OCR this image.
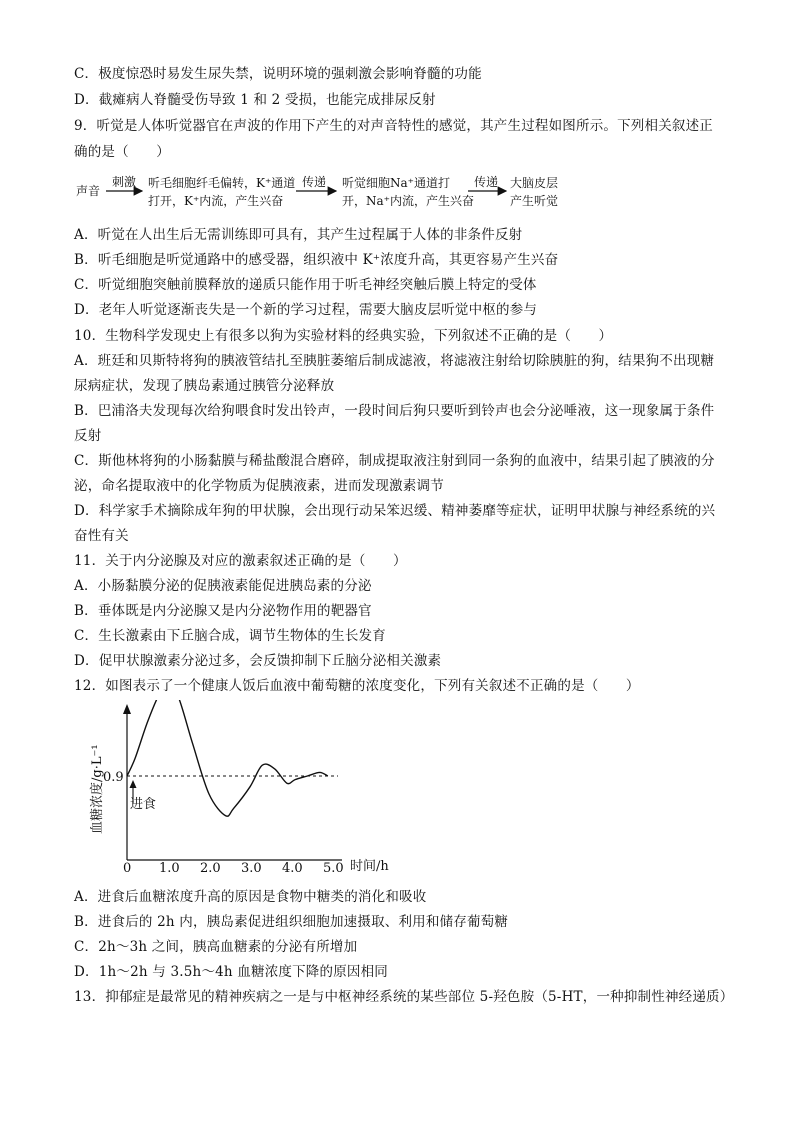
C．极度惊恐时易发生尿失禁，说明环境的强刺激会影响脊髓的功能
D．截瘫病人脊髓受伤导致 1 和 2 受损，也能完成排尿反射
9．听觉是人体听觉器官在声波的作用下产生的对声音特性的感觉，其产生过程如图所示。下列相关叙述正
确的是（　　）
声音
刺激 听毛细胞纤毛偏转，K⁺通道
打开，K⁺内流，产生兴奋
传递 听觉细胞Na⁺通道打
开，Na⁺内流，产生兴奋
传递 大脑皮层
产生听觉
A．听觉在人出生后无需训练即可具有，其产生过程属于人体的非条件反射
B．听毛细胞是听觉通路中的感受器，组织液中 K⁺浓度升高，其更容易产生兴奋
C．听觉细胞突触前膜释放的递质只能作用于听毛神经突触后膜上特定的受体
D．老年人听觉逐渐丧失是一个新的学习过程，需要大脑皮层听觉中枢的参与
10．生物科学发现史上有很多以狗为实验材料的经典实验，下列叙述不正确的是（　　）
A．班廷和贝斯特将狗的胰液管结扎至胰脏萎缩后制成滤液，将滤液注射给切除胰脏的狗，结果狗不出现糖
尿病症状，发现了胰岛素通过胰管分泌释放
B．巴浦洛夫发现每次给狗喂食时发出铃声，一段时间后狗只要听到铃声也会分泌唾液，这一现象属于条件
反射
C．斯他林将狗的小肠黏膜与稀盐酸混合磨碎，制成提取液注射到同一条狗的血液中，结果引起了胰液的分
泌，命名提取液中的化学物质为促胰液素，进而发现激素调节
D．科学家手术摘除成年狗的甲状腺，会出现行动呆笨迟缓、精神萎靡等症状，证明甲状腺与神经系统的兴
奋性有关
11．关于内分泌腺及对应的激素叙述正确的是（　　）
A．小肠黏膜分泌的促胰液素能促进胰岛素的分泌
B．垂体既是内分泌腺又是内分泌物作用的靶器官
C．生长激素由下丘脑合成，调节生物体的生长发育
D．促甲状腺激素分泌过多，会反馈抑制下丘脑分泌相关激素
12．如图表示了一个健康人饭后血液中葡萄糖的浓度变化，下列有关叙述不正确的是（　　）
0 1.0 2.0 3.0 4.0 5.0
0.9
时间/h
血糖浓度/g·L⁻¹ 进食
A．进食后血糖浓度升高的原因是食物中糖类的消化和吸收
B．进食后的 2h 内，胰岛素促进组织细胞加速摄取、利用和储存葡萄糖
C．2h～3h 之间，胰高血糖素的分泌有所增加
D．1h～2h 与 3.5h～4h 血糖浓度下降的原因相同
13．抑郁症是最常见的精神疾病之一是与中枢神经系统的某些部位 5-羟色胺（5-HT，一种抑制性神经递质）
